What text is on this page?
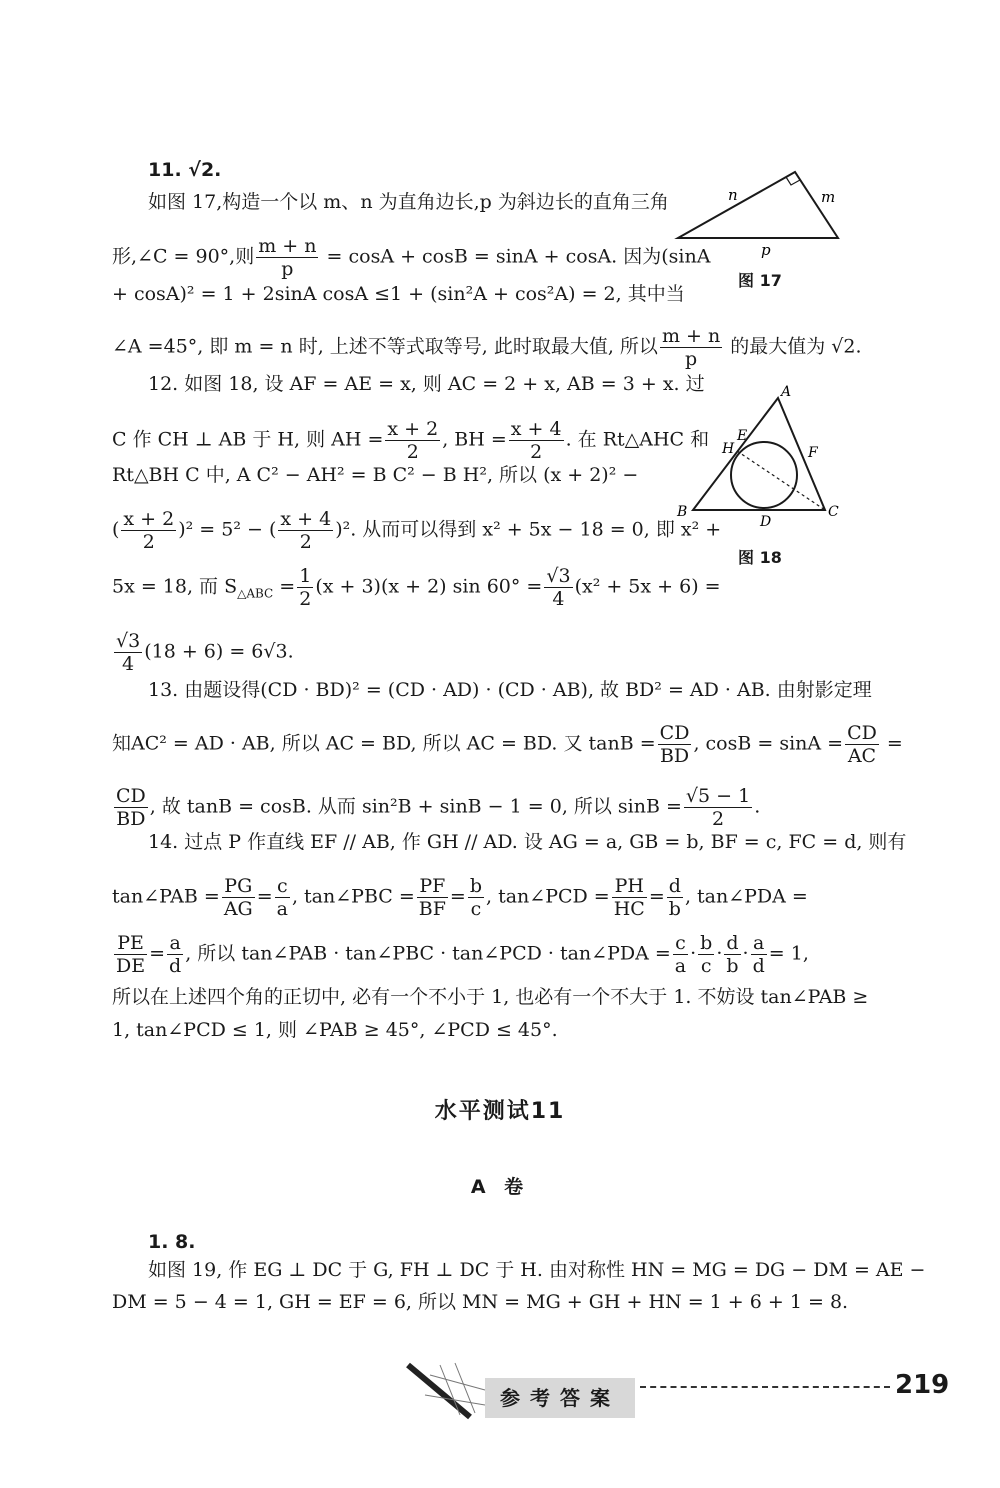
11. √2.
如图 17,构造一个以 m、n 为直角边长,p 为斜边长的直角三角
形,∠C = 90°,则 $\frac{m + n}{p} = \cos A + \cos B = \sin A + \cos A$. 因为(sinA
+ cosA)² = 1 + 2sinA cosA ≤1 + (sin²A + cos²A) = 2, 其中当
∠A =45°, 即 m = n 时, 上述不等式取等号, 此时取最大值, 所以 $\frac{m + n}{p}$ 的最大值为 √2.
n	m
p
图 17
12. 如图 18, 设 AF = AE = x, 则 AC = 2 + x, AB = 3 + x. 过
C 作 CH ⊥ AB 于 H, 则 AH = $\frac{x + 2}{2}$ , BH = $\frac{x + 4}{2}$ . 在 Rt△AHC 和
Rt△BH C 中, A C² − AH² = B C² − B H², 所以 (x + 2)² −
( $\frac{x + 2}{2} )^2 = 5^2$ − ( $\frac{x + 4}{2} )^2$. 从而可以得到 x² + 5x − 18 = 0, 即 x² +
5x = 18, 而 $S_{\triangle ABC} = \frac{1}{2} (x + 3)(x + 2)$ $\sin 60^\circ = \frac{√3}{4} (x^2 + 5x + 6)$ =
$\frac{√3}{4} (18 + 6) = 6√3$.
A
B	C
D
E
F
H
图 18
13. 由题设得(CD · BD)² = (CD · AD) · (CD · AB), 故 BD² = AD · AB. 由射影定理
知AC² = AD · AB, 所以 AC = BD, 所以 AC = BD. 又 $\tan B = \frac{CD}{BD}$ , $\cos B = \sin A = \frac{CD}{AC}$ =
$\frac{CD}{BD}$ , 故 tanB = cosB. 从而 sin²B + sinB − 1 = 0, 所以 $\sin B = \frac{√5 - 1}{2}$ .
14. 过点 P 作直线 EF // AB, 作 GH // AD. 设 AG = a, GB = b, BF = c, FC = d, 则有
tan∠PAB = $\frac{PG}{AG} = \frac{c}{a}$ , tan∠PBC = $\frac{PF}{BF} = \frac{b}{c}$ , tan∠PCD = $\frac{PH}{HC} = \frac{d}{b}$ , tan∠PDA =
$\frac{PE}{DE} = \frac{a}{d}$ , 所以 tan∠PAB · tan∠PBC · tan∠PCD · tan∠PDA = $\frac{c}{a} \cdot \frac{b}{c} \cdot \frac{d}{b} \cdot \frac{a}{d} = 1$,
所以在上述四个角的正切中, 必有一个不小于 1, 也必有一个不大于 1. 不妨设 tan∠PAB ≥
1, tan∠PCD ≤ 1, 则 ∠PAB ≥ 45°, ∠PCD ≤ 45°.
水平测试11
A 卷
1. 8.
如图 19, 作 EG ⊥ DC 于 G, FH ⊥ DC 于 H. 由对称性 HN = MG = DG − DM = AE −
DM = 5 − 4 = 1, GH = EF = 6, 所以 MN = MG + GH + HN = 1 + 6 + 1 = 8.
参考答案	219
